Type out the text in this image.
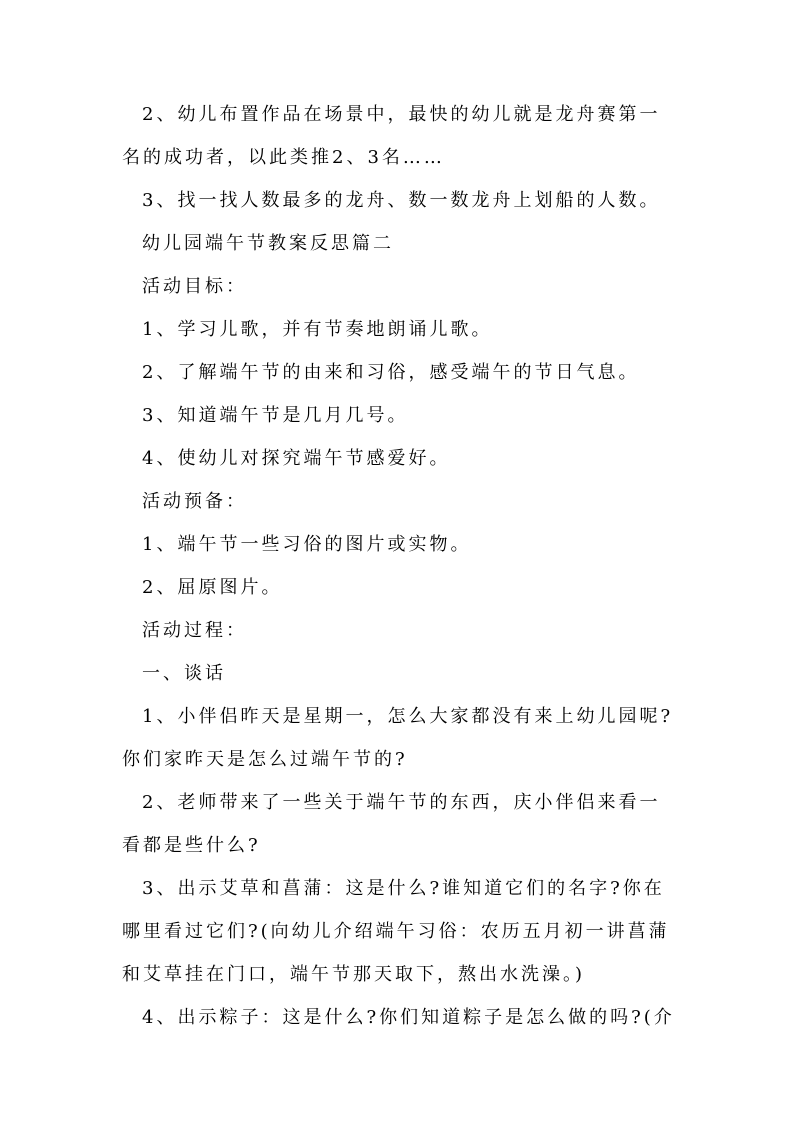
2、幼儿布置作品在场景中，最快的幼儿就是龙舟赛第一
名的成功者，以此类推2、3名……
3、找一找人数最多的龙舟、数一数龙舟上划船的人数。
幼儿园端午节教案反思篇二
活动目标：
1、学习儿歌，并有节奏地朗诵儿歌。
2、了解端午节的由来和习俗，感受端午的节日气息。
3、知道端午节是几月几号。
4、使幼儿对探究端午节感爱好。
活动预备：
1、端午节一些习俗的图片或实物。
2、屈原图片。
活动过程：
一、谈话
1、小伴侣昨天是星期一，怎么大家都没有来上幼儿园呢?
你们家昨天是怎么过端午节的?
2、老师带来了一些关于端午节的东西，庆小伴侣来看一
看都是些什么?
3、出示艾草和菖蒲：这是什么?谁知道它们的名字?你在
哪里看过它们?(向幼儿介绍端午习俗：农历五月初一讲菖蒲
和艾草挂在门口，端午节那天取下，熬出水洗澡。)
4、出示粽子：这是什么?你们知道粽子是怎么做的吗?(介
